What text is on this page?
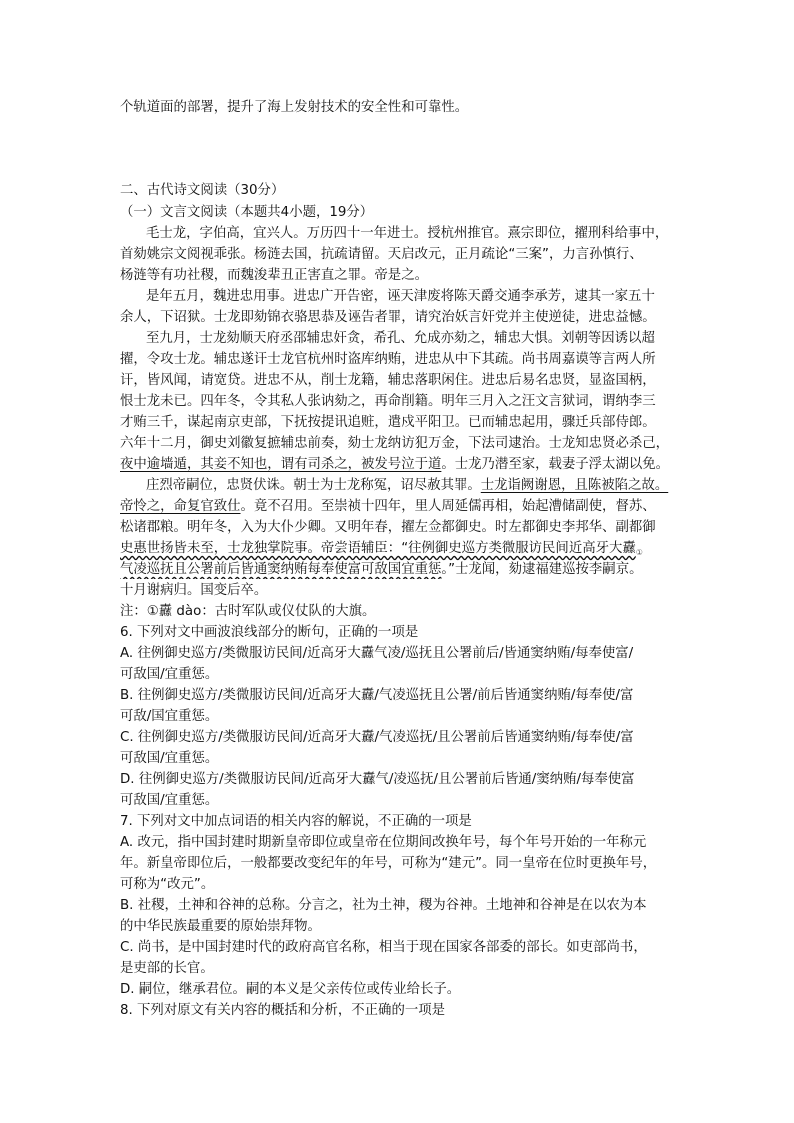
个轨道面的部署，提升了海上发射技术的安全性和可靠性。
二、古代诗文阅读（30分）
（一）文言文阅读（本题共4小题，19分）
毛士龙，字伯高，宜兴人。万历四十一年进士。授杭州推官。熹宗即位，擢刑科给事中，
首劾姚宗文阅视乖张。杨涟去国，抗疏请留。天启改元，正月疏论“三案”，力言孙慎行、
杨涟等有功社稷，而魏浚辈丑正害直之罪。帝是之。
是年五月，魏进忠用事。进忠广开告密，诬天津废将陈天爵交通李承芳，逮其一家五十
余人，下诏狱。士龙即劾锦衣骆思恭及诬告者罪，请究治妖言奸党并主使逆徒，进忠益憾。
至九月，士龙劾顺天府丞邵辅忠奸贪，希孔、允成亦劾之，辅忠大惧。刘朝等因诱以超
擢，令攻士龙。辅忠遂讦士龙官杭州时盗库纳贿，进忠从中下其疏。尚书周嘉谟等言两人所
讦，皆风闻，请宽贷。进忠不从，削士龙籍，辅忠落职闲住。进忠后易名忠贤，显盗国柄，
恨士龙未已。四年冬，令其私人张讷劾之，再命削籍。明年三月入之汪文言狱词，谓纳李三
才贿三千，谋起南京吏部，下抚按提讯追赃，遣戍平阳卫。已而辅忠起用，骤迁兵部侍郎。
六年十二月，御史刘徽复摭辅忠前奏，劾士龙纳访犯万金，下法司逮治。士龙知忠贤必杀己，
夜中逾墙遁，其妾不知也，谓有司杀之，被发号泣于道。士龙乃潜至家，载妻子浮太湖以免。
庄烈帝嗣位，忠贤伏诛。朝士为士龙称冤，诏尽赦其罪。士龙诣阙谢恩，且陈被陷之故。
帝怜之，命复官致仕。竟不召用。至崇祯十四年，里人周延儒再相，始起漕储副使，督苏、
松诸郡粮。明年冬，入为大仆少卿。又明年春，擢左佥都御史。时左都御史李邦华、副都御
史惠世扬皆未至，士龙独掌院事。帝尝语辅臣：“往例御史巡方类微服访民间近高牙大纛$_①$
气凌巡抚且公署前后皆通窦纳贿每奉使富可敌国宜重惩。”士龙闻，劾逮福建巡按李嗣京。
十月谢病归。国变后卒。
注：①纛 dào：古时军队或仪仗队的大旗。
6. 下列对文中画波浪线部分的断句，正确的一项是
A. 往例御史巡方/类微服访民间/近高牙大纛气凌/巡抚且公署前后/皆通窦纳贿/每奉使富/
可敌国/宜重惩。
B. 往例御史巡方/类微服访民间/近高牙大纛/气凌巡抚且公署/前后皆通窦纳贿/每奉使/富
可敌/国宜重惩。
C. 往例御史巡方/类微服访民间/近高牙大纛/气凌巡抚/且公署前后皆通窦纳贿/每奉使/富
可敌国/宜重惩。
D. 往例御史巡方/类微服访民间/近高牙大纛气/凌巡抚/且公署前后皆通/窦纳贿/每奉使富
可敌国/宜重惩。
7. 下列对文中加点词语的相关内容的解说，不正确的一项是
A. 改元，指中国封建时期新皇帝即位或皇帝在位期间改换年号，每个年号开始的一年称元
年。新皇帝即位后，一般都要改变纪年的年号，可称为“建元”。同一皇帝在位时更换年号，
可称为“改元”。
B. 社稷，土神和谷神的总称。分言之，社为土神，稷为谷神。土地神和谷神是在以农为本
的中华民族最重要的原始崇拜物。
C. 尚书，是中国封建时代的政府高官名称，相当于现在国家各部委的部长。如吏部尚书，
是吏部的长官。
D. 嗣位，继承君位。嗣的本义是父亲传位或传业给长子。
8. 下列对原文有关内容的概括和分析，不正确的一项是
